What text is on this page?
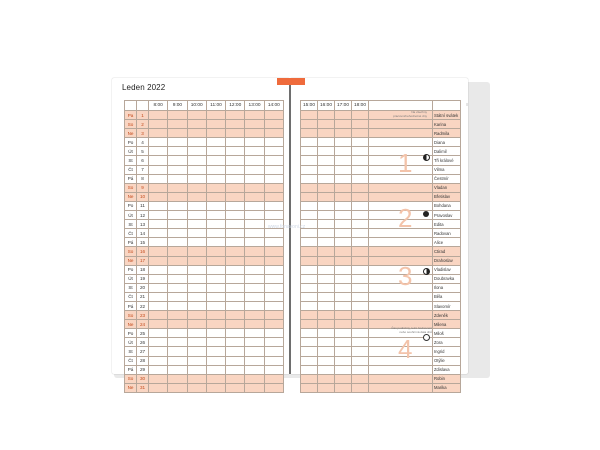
Leden 2022
		8:00	9:00	10:00	11:00	12:00	13:00	14:00
Pa	1							
So	2							
Ne	3							
Po	4							
Út	5							
St	6							
Čt	7							
Pá	8							
So	9							
Ne	10							
Po	11							
Út	12							
St	13							
Čt	14							
Pá	15							
So	16							
Ne	17							
Po	18							
Út	19							
St	20							
Čt	21							
Pá	22							
So	23							
Ne	24							
Po	25							
Út	26							
St	27							
Čt	28							
Pá	29							
So	30							
Ne	31							
15:00	16:00	17:00	18:00		
					Státní svátek
					Karina
					Radmila
					Diana
					Dalimil
					Tři králové
					Vilma
					Čestmír
					Vladan
					Břetislav
					Bohdana
					Pravoslav
					Edita
					Radovan
					Alice
					Ctirad
					Drahoslav
					Vladislav
					Doubravka
					Ilona
					Běla
					Slavomír
					Zdeněk
					Milena
					Miloš
					Zora
					Ingrid
					Otýlie
					Zdislava
					Robin
					Marika
Na všechny pracovní/nehodnotné dny
Čas podrobny, letní hodnocení nebo souhrnná data dnů
1
2
3
4
www.fonavoni.cz
≡
